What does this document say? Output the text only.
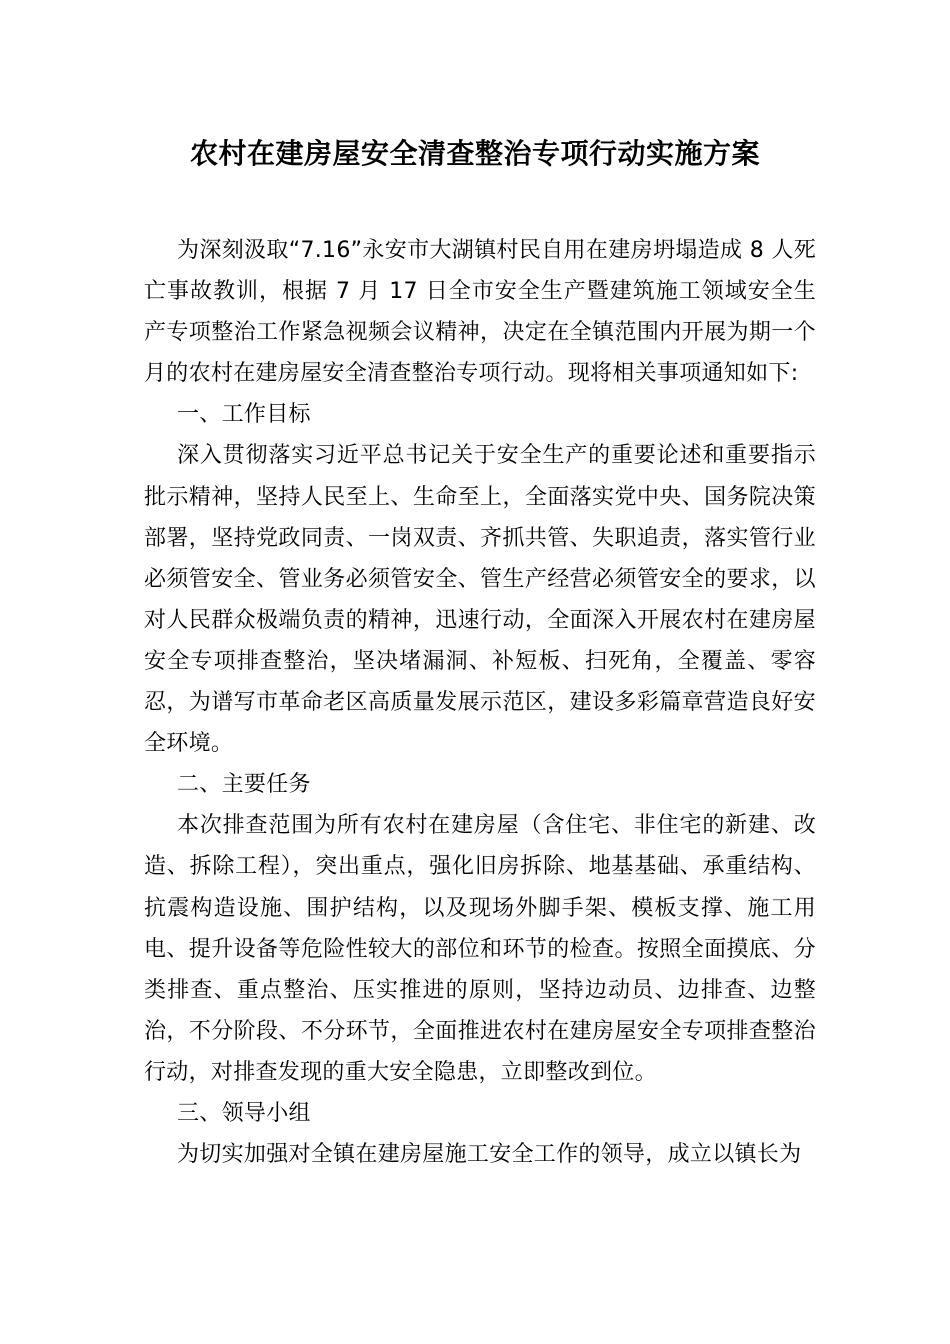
农村在建房屋安全清查整治专项行动实施方案

为深刻汲取“7.16”永安市大湖镇村民自用在建房坍塌造成 8 人死亡事故教训，根据 7 月 17 日全市安全生产暨建筑施工领域安全生产专项整治工作紧急视频会议精神，决定在全镇范围内开展为期一个月的农村在建房屋安全清查整治专项行动。现将相关事项通知如下:

一、工作目标

深入贯彻落实习近平总书记关于安全生产的重要论述和重要指示批示精神，坚持人民至上、生命至上，全面落实党中央、国务院决策部署，坚持党政同责、一岗双责、齐抓共管、失职追责，落实管行业必须管安全、管业务必须管安全、管生产经营必须管安全的要求，以对人民群众极端负责的精神，迅速行动，全面深入开展农村在建房屋安全专项排查整治，坚决堵漏洞、补短板、扫死角，全覆盖、零容忍，为谱写市革命老区高质量发展示范区，建设多彩篇章营造良好安全环境。

二、主要任务

本次排查范围为所有农村在建房屋（含住宅、非住宅的新建、改造、拆除工程），突出重点，强化旧房拆除、地基基础、承重结构、抗震构造设施、围护结构，以及现场外脚手架、模板支撑、施工用电、提升设备等危险性较大的部位和环节的检查。按照全面摸底、分类排查、重点整治、压实推进的原则，坚持边动员、边排查、边整治，不分阶段、不分环节，全面推进农村在建房屋安全专项排查整治行动，对排查发现的重大安全隐患，立即整改到位。

三、领导小组

为切实加强对全镇在建房屋施工安全工作的领导，成立以镇长为
